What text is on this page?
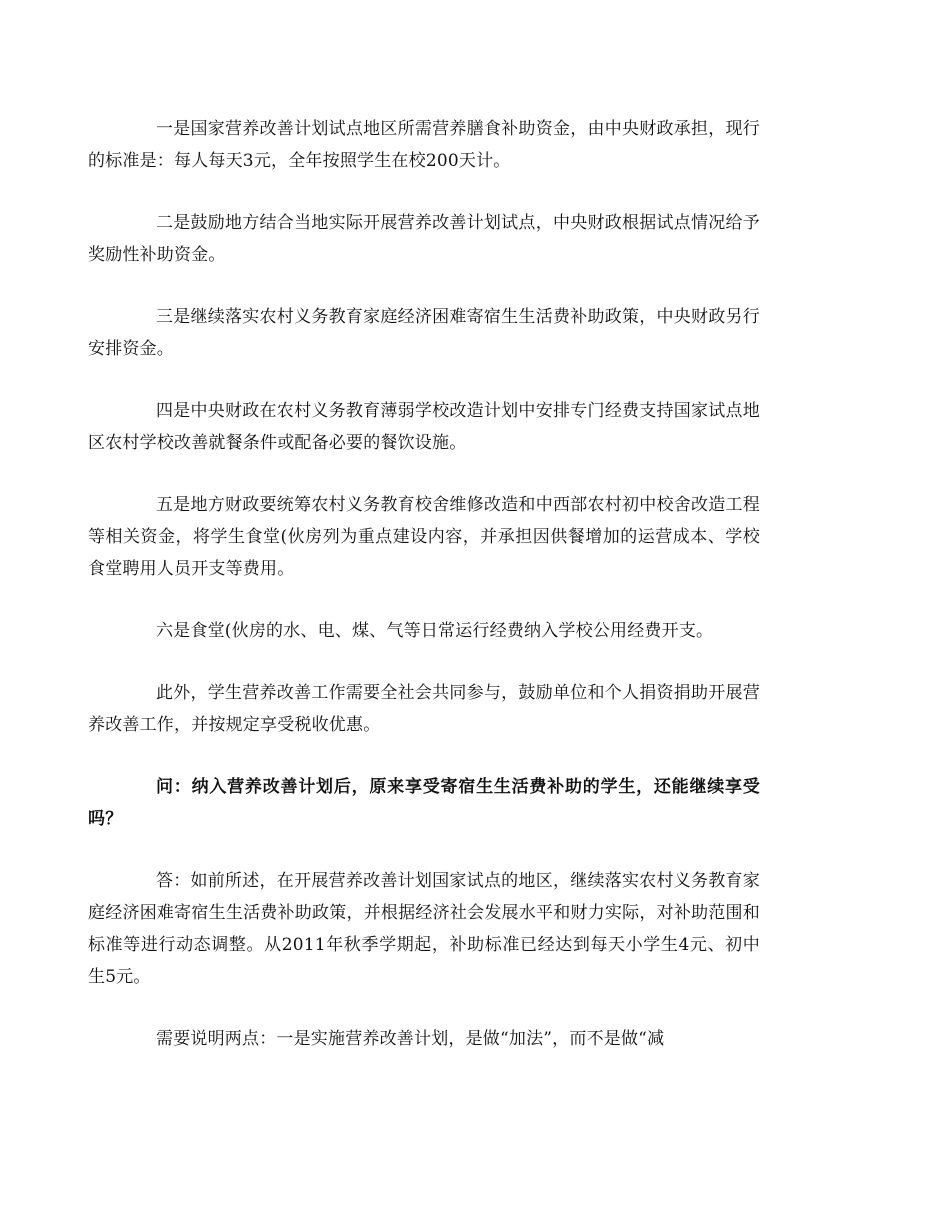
一是国家营养改善计划试点地区所需营养膳食补助资金，由中央财政承担，现行的标准是：每人每天3元，全年按照学生在校200天计。

二是鼓励地方结合当地实际开展营养改善计划试点，中央财政根据试点情况给予奖励性补助资金。

三是继续落实农村义务教育家庭经济困难寄宿生生活费补助政策，中央财政另行安排资金。

四是中央财政在农村义务教育薄弱学校改造计划中安排专门经费支持国家试点地区农村学校改善就餐条件或配备必要的餐饮设施。

五是地方财政要统筹农村义务教育校舍维修改造和中西部农村初中校舍改造工程等相关资金，将学生食堂(伙房列为重点建设内容，并承担因供餐增加的运营成本、学校食堂聘用人员开支等费用。

六是食堂(伙房的水、电、煤、气等日常运行经费纳入学校公用经费开支。

此外，学生营养改善工作需要全社会共同参与，鼓励单位和个人捐资捐助开展营养改善工作，并按规定享受税收优惠。

问：纳入营养改善计划后，原来享受寄宿生生活费补助的学生，还能继续享受吗？

答：如前所述，在开展营养改善计划国家试点的地区，继续落实农村义务教育家庭经济困难寄宿生生活费补助政策，并根据经济社会发展水平和财力实际，对补助范围和标准等进行动态调整。从2011年秋季学期起，补助标准已经达到每天小学生4元、初中生5元。

需要说明两点：一是实施营养改善计划，是做“加法”，而不是做“减
